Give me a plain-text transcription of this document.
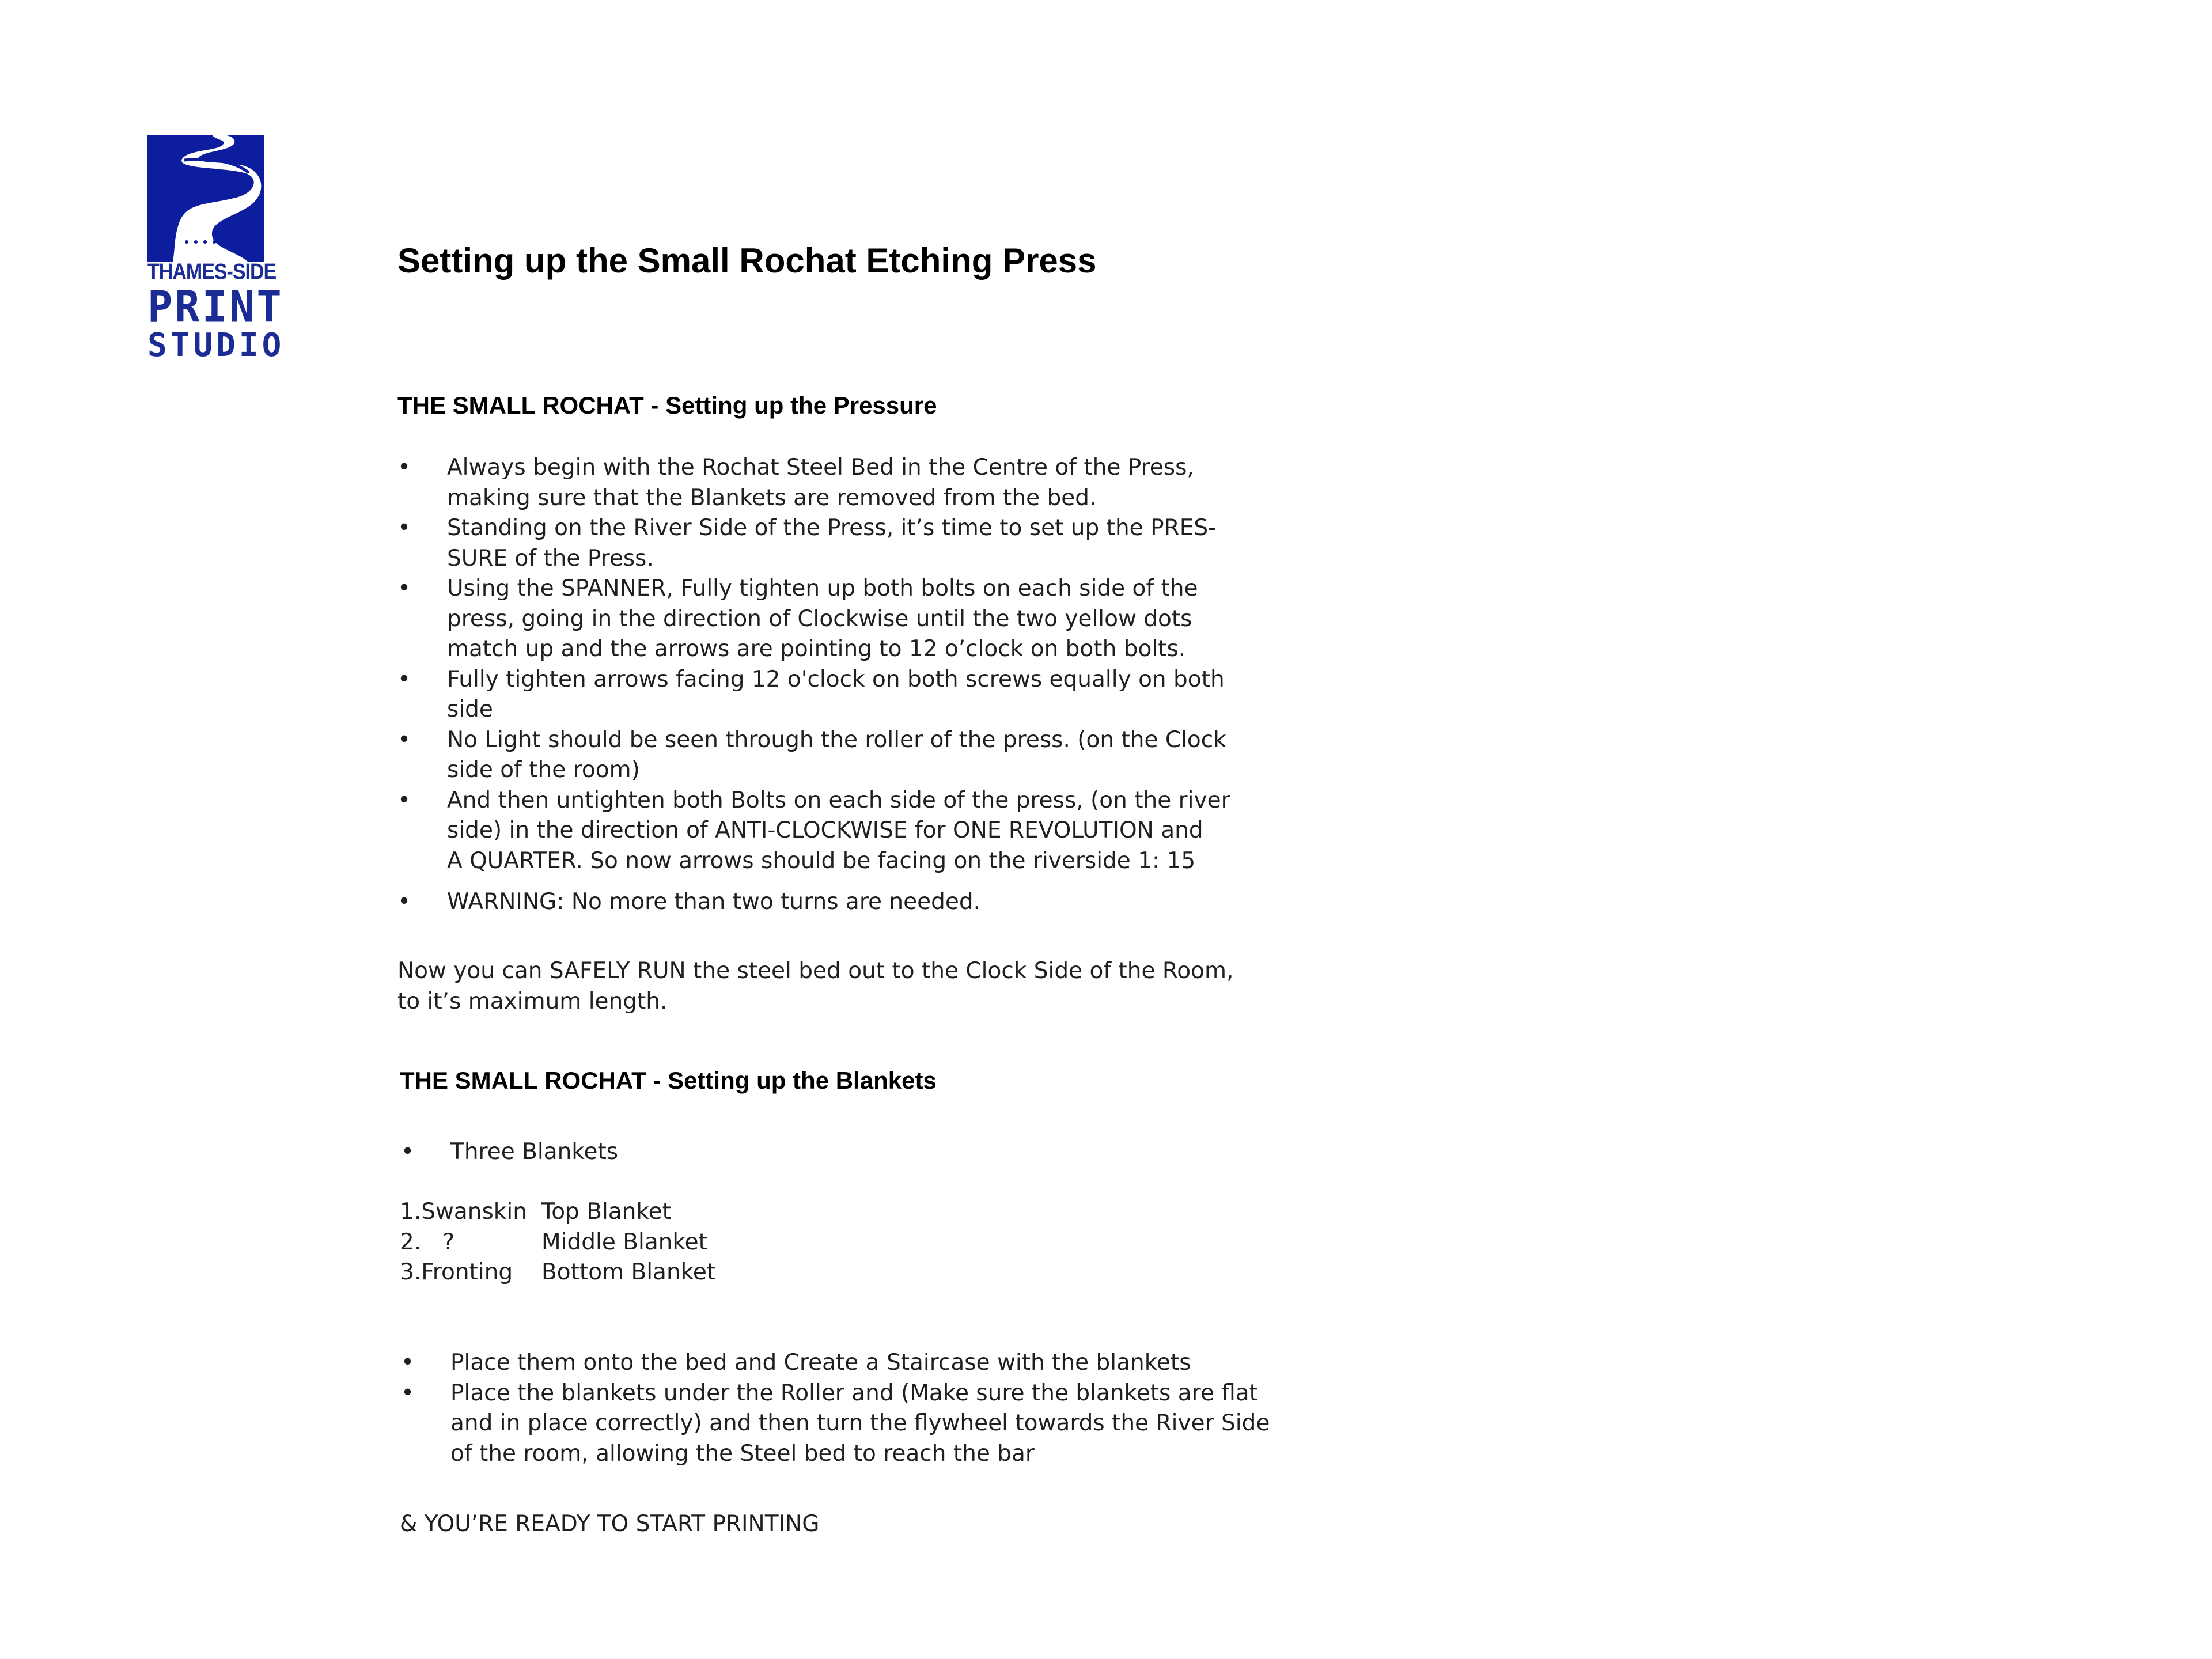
THAMES-SIDE
PRINT
STUDIO
Setting up the Small Rochat Etching Press
THE SMALL ROCHAT - Setting up the Pressure
• Always begin with the Rochat Steel Bed in the Centre of the Press,
making sure that the Blankets are removed from the bed.
• Standing on the River Side of the Press, it’s time to set up the PRES-
SURE of the Press.
• Using the SPANNER, Fully tighten up both bolts on each side of the
press, going in the direction of Clockwise until the two yellow dots
match up and the arrows are pointing to 12 o’clock on both bolts.
• Fully tighten arrows facing 12 o'clock on both screws equally on both
side
• No Light should be seen through the roller of the press. (on the Clock
side of the room)
• And then untighten both Bolts on each side of the press, (on the river
side) in the direction of ANTI-CLOCKWISE for ONE REVOLUTION and
A QUARTER. So now arrows should be facing on the riverside 1: 15
• WARNING: No more than two turns are needed.
Now you can SAFELY RUN the steel bed out to the Clock Side of the Room,
to it’s maximum length.
THE SMALL ROCHAT - Setting up the Blankets
• Three Blankets
1.Swanskin Top Blanket
2.   ?	Middle Blanket
3.Fronting Bottom Blanket
• Place them onto the bed and Create a Staircase with the blankets
• Place the blankets under the Roller and (Make sure the blankets are flat
and in place correctly) and then turn the flywheel towards the River Side
of the room, allowing the Steel bed to reach the bar
& YOU’RE READY TO START PRINTING
